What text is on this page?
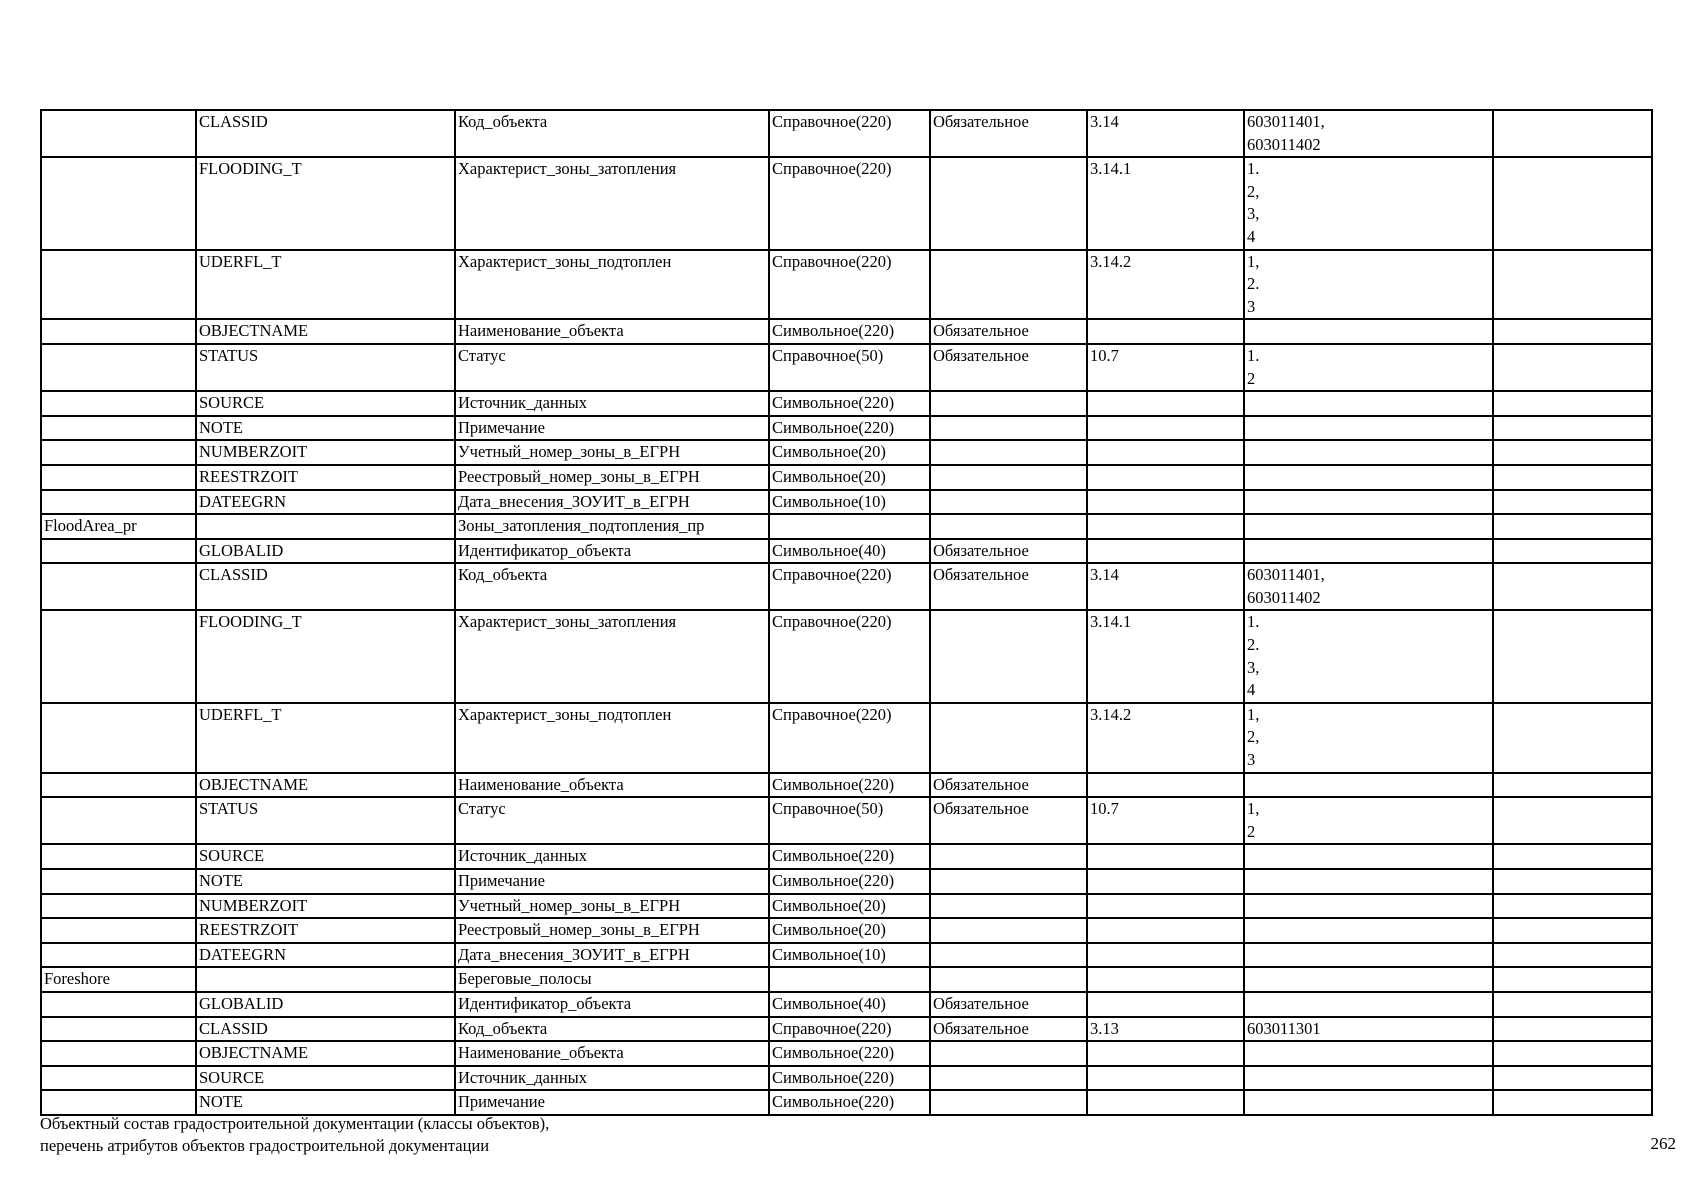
	CLASSID	Код_объекта	Справочное(220)	Обязательное	3.14	603011401,
603011402	
	FLOODING_T	Характерист_зоны_затопления	Справочное(220)		3.14.1	1.
2,
3,
4	
	UDERFL_T	Характерист_зоны_подтоплен	Справочное(220)		3.14.2	1,
2.
3	
	OBJECTNAME	Наименование_объекта	Символьное(220)	Обязательное			
	STATUS	Статус	Справочное(50)	Обязательное	10.7	1.
2	
	SOURCE	Источник_данных	Символьное(220)				
	NOTE	Примечание	Символьное(220)				
	NUMBERZOIT	Учетный_номер_зоны_в_ЕГРН	Символьное(20)				
	REESTRZOIT	Реестровый_номер_зоны_в_ЕГРН	Символьное(20)				
	DATEEGRN	Дата_внесения_ЗОУИТ_в_ЕГРН	Символьное(10)				
FloodArea_pr		Зоны_затопления_подтопления_пр					
	GLOBALID	Идентификатор_объекта	Символьное(40)	Обязательное			
	CLASSID	Код_объекта	Справочное(220)	Обязательное	3.14	603011401,
603011402	
	FLOODING_T	Характерист_зоны_затопления	Справочное(220)		3.14.1	1.
2.
3,
4	
	UDERFL_T	Характерист_зоны_подтоплен	Справочное(220)		3.14.2	1,
2,
3	
	OBJECTNAME	Наименование_объекта	Символьное(220)	Обязательное			
	STATUS	Статус	Справочное(50)	Обязательное	10.7	1,
2	
	SOURCE	Источник_данных	Символьное(220)				
	NOTE	Примечание	Символьное(220)				
	NUMBERZOIT	Учетный_номер_зоны_в_ЕГРН	Символьное(20)				
	REESTRZOIT	Реестровый_номер_зоны_в_ЕГРН	Символьное(20)				
	DATEEGRN	Дата_внесения_ЗОУИТ_в_ЕГРН	Символьное(10)				
Foreshore		Береговые_полосы					
	GLOBALID	Идентификатор_объекта	Символьное(40)	Обязательное			
	CLASSID	Код_объекта	Справочное(220)	Обязательное	3.13	603011301	
	OBJECTNAME	Наименование_объекта	Символьное(220)				
	SOURCE	Источник_данных	Символьное(220)				
	NOTE	Примечание	Символьное(220)				
Объектный состав градостроительной документации (классы объектов),
перечень атрибутов объектов градостроительной документации	262
